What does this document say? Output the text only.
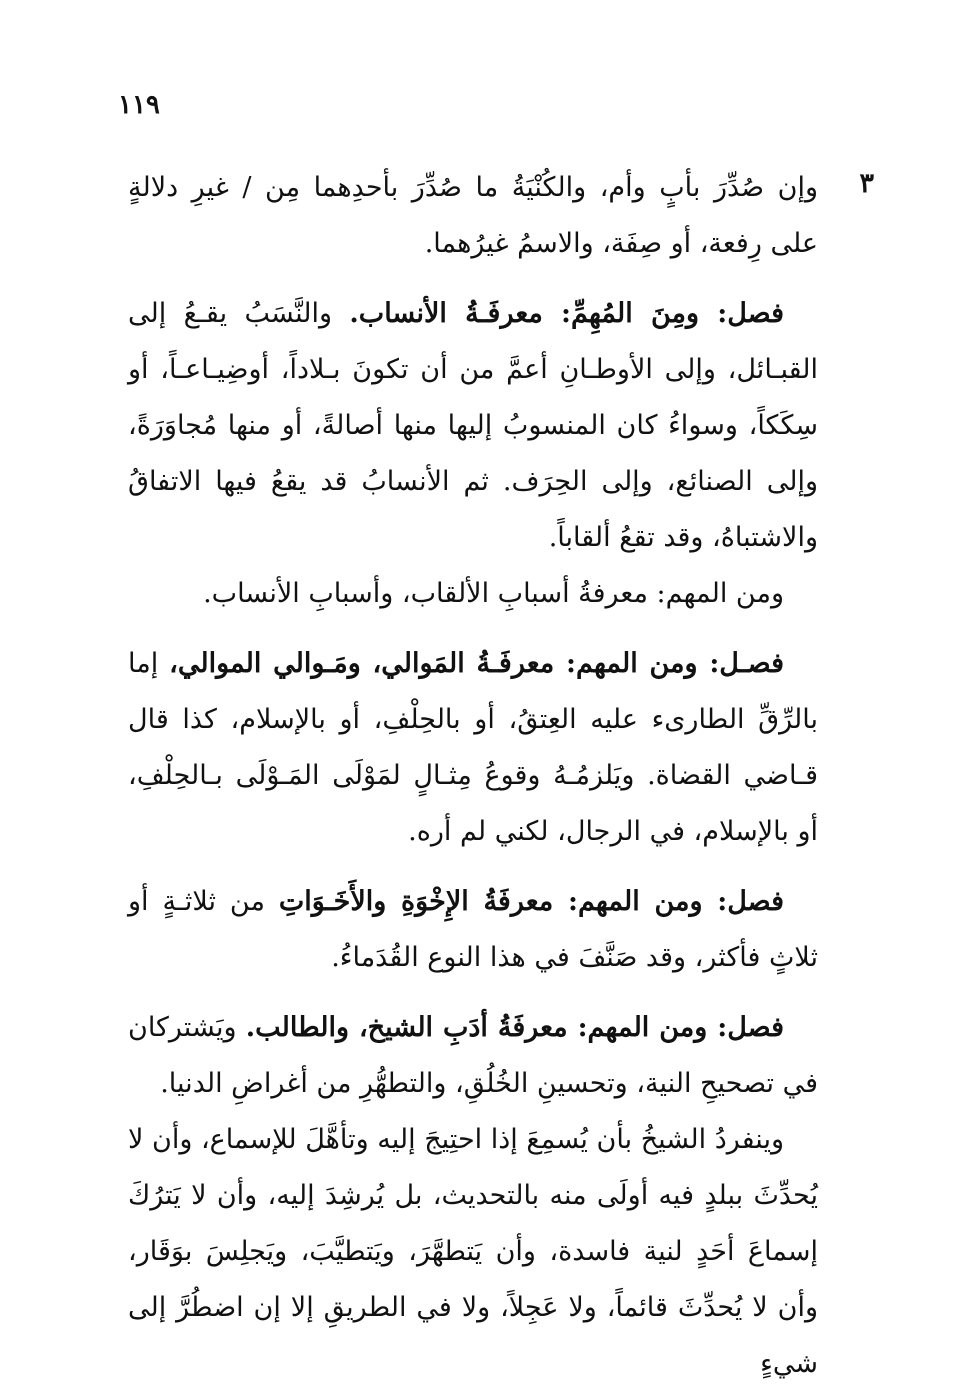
١١٩
٣

وإن صُدِّرَ بأبٍ وأم، والكُنْيَةُ ما صُدِّرَ بأحدِهما مِن / غيرِ دلالةٍ على رِفعة، أو صِفَة، والاسمُ غيرُهما.

فصل: ومِنَ المُهِمِّ: معرفَـةُ الأنساب. والنَّسَبُ يقـعُ إلى القبـائل، وإلى الأوطـانِ أعمَّ من أن تكونَ بـلاداً، أوضِيـاعـاً، أو سِكَكاً، وسواءُ كان المنسوبُ إليها منها أصالةً، أو منها مُجاوَرَةً، وإلى الصنائع، وإلى الحِرَف. ثم الأنسابُ قد يقعُ فيها الاتفاقُ والاشتباهُ، وقد تقعُ ألقاباً.

ومن المهم: معرفةُ أسبابِ الألقاب، وأسبابِ الأنساب.

فصـل: ومن المهم: معرفَـةُ المَوالي، ومَـوالي الموالي، إما بالرِّقِّ الطارىء عليه العِتقُ، أو بالحِلْفِ، أو بالإسلام، كذا قال قـاضي القضاة. ويَلزمُـهُ وقوعُ مِثـالٍ لمَوْلَى المَـوْلَى بـالحِلْفِ، أو بالإسلام، في الرجال، لكني لم أره.

فصل: ومن المهم: معرفَةُ الإِخْوَةِ والأَخَـوَاتِ من ثلاثـةٍ أو ثلاثٍ فأكثر، وقد صَنَّفَ في هذا النوع القُدَماءُ.

فصل: ومن المهم: معرفَةُ أدَبِ الشيخ، والطالب. ويَشتركان في تصحيحِ النية، وتحسينِ الخُلُقِ، والتطهُّرِ من أغراضِ الدنيا.

وينفردُ الشيخُ بأن يُسمِعَ إذا احتِيجَ إليه وتأهَّلَ للإسماع، وأن لا يُحدِّثَ ببلدٍ فيه أولَى منه بالتحديث، بل يُرشِدَ إليه، وأن لا يَترُكَ إسماعَ أحَدٍ لنية فاسدة، وأن يَتطهَّرَ، ويَتطيَّبَ، ويَجلِسَ بوَقَار، وأن لا يُحدِّثَ قائماً، ولا عَجِلاً، ولا في الطريقِ إلا إن اضطُرَّ إلى شيءٍ
